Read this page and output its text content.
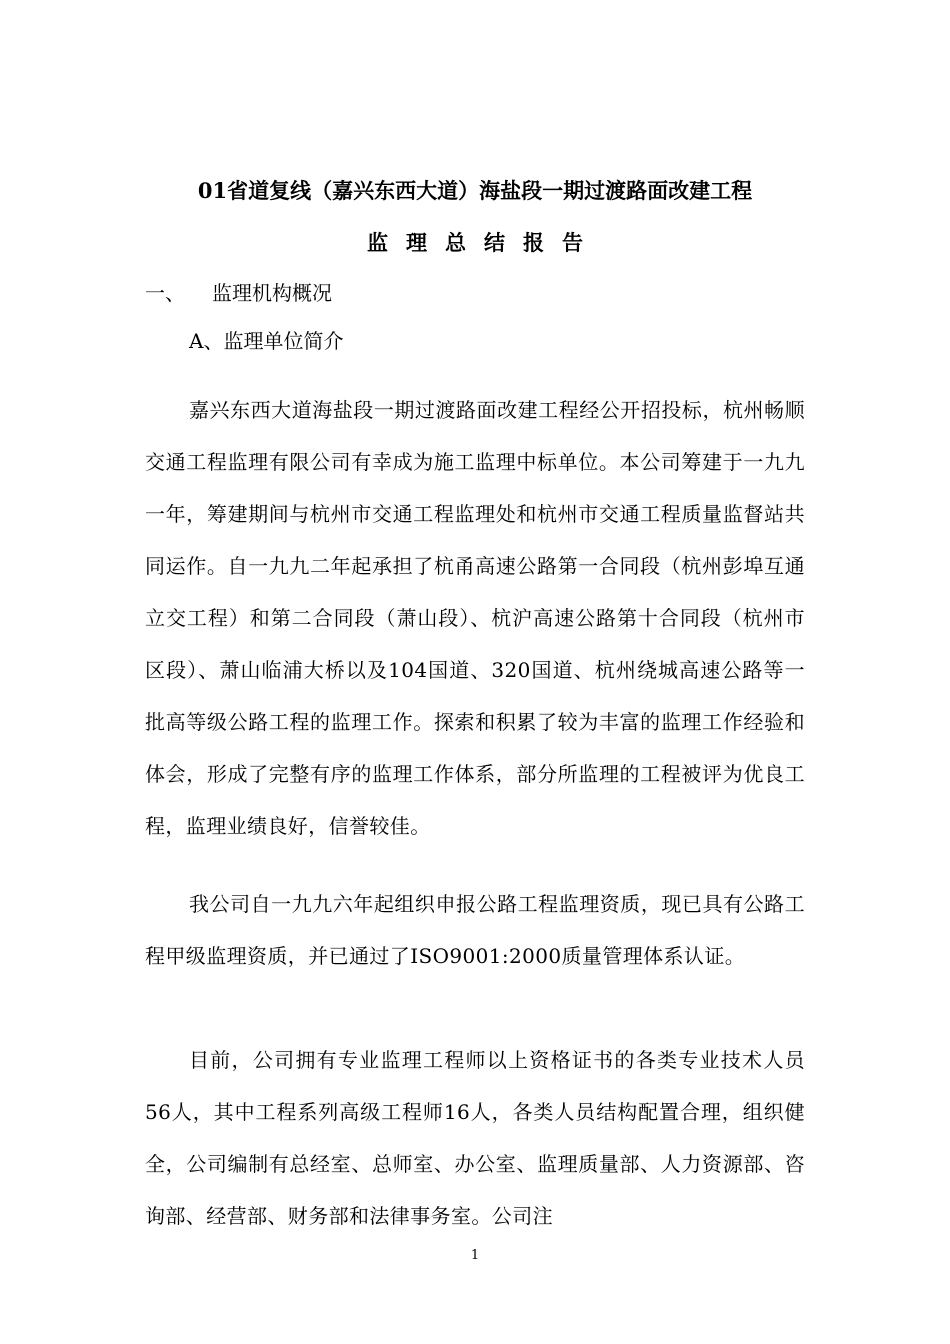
01省道复线（嘉兴东西大道）海盐段一期过渡路面改建工程
监理总结报告
一、 监理机构概况
A、监理单位简介

嘉兴东西大道海盐段一期过渡路面改建工程经公开招投标，杭州畅顺交通工程监理有限公司有幸成为施工监理中标单位。本公司筹建于一九九一年，筹建期间与杭州市交通工程监理处和杭州市交通工程质量监督站共同运作。自一九九二年起承担了杭甬高速公路第一合同段（杭州彭埠互通立交工程）和第二合同段（萧山段）、杭沪高速公路第十合同段（杭州市区段）、萧山临浦大桥以及104国道、320国道、杭州绕城高速公路等一批高等级公路工程的监理工作。探索和积累了较为丰富的监理工作经验和体会，形成了完整有序的监理工作体系，部分所监理的工程被评为优良工程，监理业绩良好，信誉较佳。

我公司自一九九六年起组织申报公路工程监理资质，现已具有公路工程甲级监理资质，并已通过了ISO9001:2000质量管理体系认证。

目前，公司拥有专业监理工程师以上资格证书的各类专业技术人员56人，其中工程系列高级工程师16人，各类人员结构配置合理，组织健全，公司编制有总经室、总师室、办公室、监理质量部、人力资源部、咨询部、经营部、财务部和法律事务室。公司注

1
